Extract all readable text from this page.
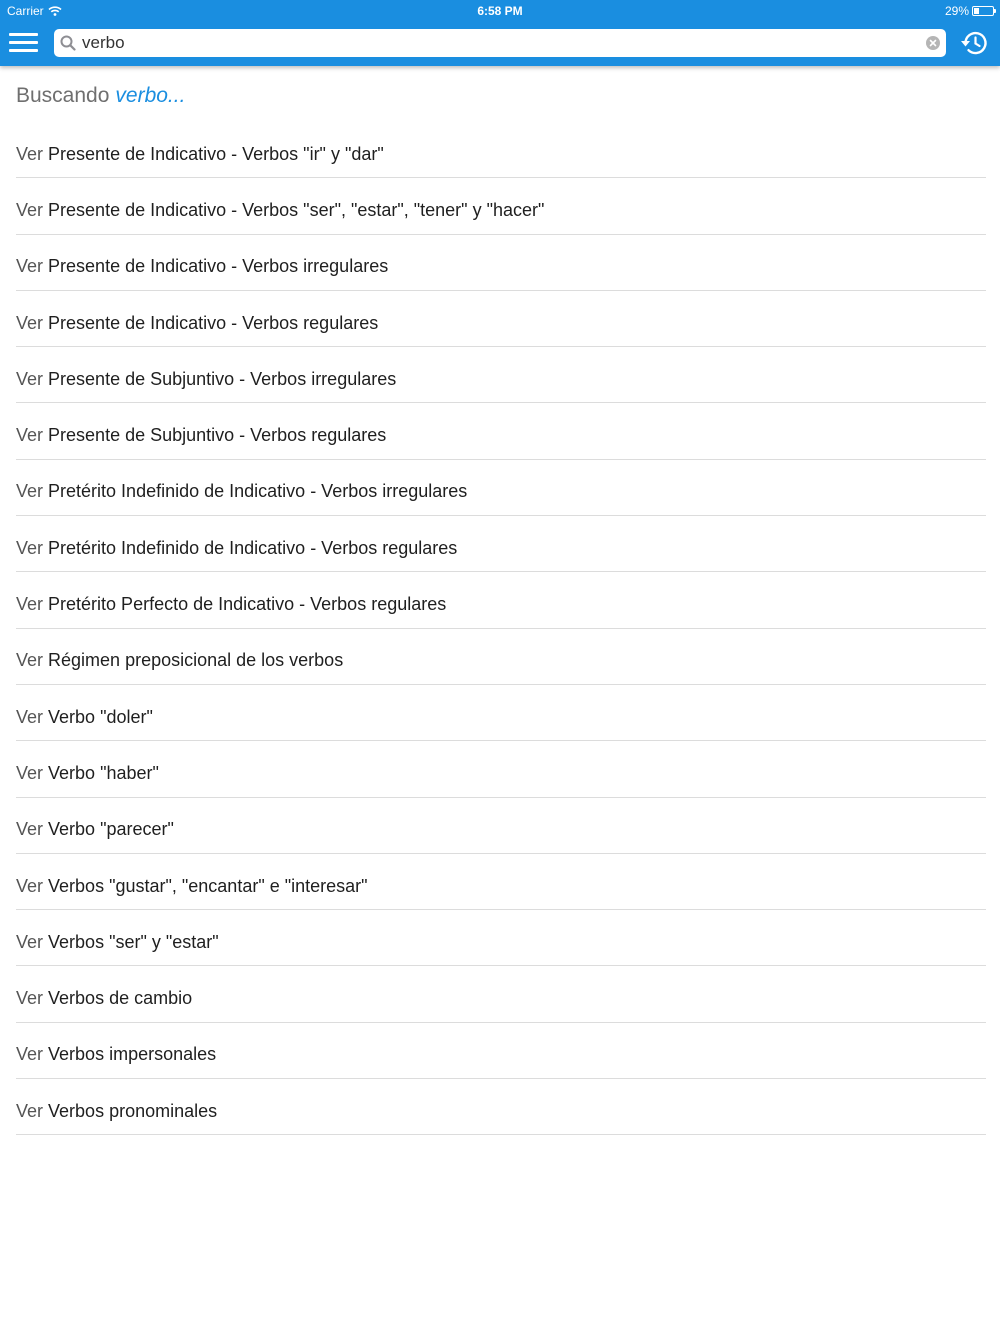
Carrier	6:58 PM	29%
verbo
Buscando verbo...
Ver Presente de Indicativo - Verbos "ir" y "dar"
Ver Presente de Indicativo - Verbos "ser", "estar", "tener" y "hacer"
Ver Presente de Indicativo - Verbos irregulares
Ver Presente de Indicativo - Verbos regulares
Ver Presente de Subjuntivo - Verbos irregulares
Ver Presente de Subjuntivo - Verbos regulares
Ver Pretérito Indefinido de Indicativo - Verbos irregulares
Ver Pretérito Indefinido de Indicativo - Verbos regulares
Ver Pretérito Perfecto de Indicativo - Verbos regulares
Ver Régimen preposicional de los verbos
Ver Verbo "doler"
Ver Verbo "haber"
Ver Verbo "parecer"
Ver Verbos "gustar", "encantar" e "interesar"
Ver Verbos "ser" y "estar"
Ver Verbos de cambio
Ver Verbos impersonales
Ver Verbos pronominales
